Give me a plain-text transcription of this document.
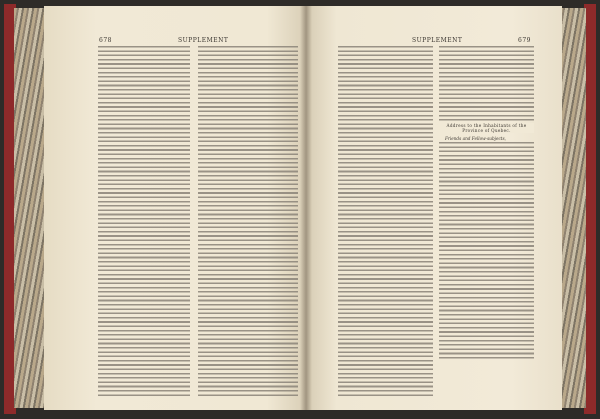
678	SUPPLEMENT	SUPPLEMENT	679
Address to the Inhabitants of the Province of Quebec.
Friends and Fellow-subjects,
